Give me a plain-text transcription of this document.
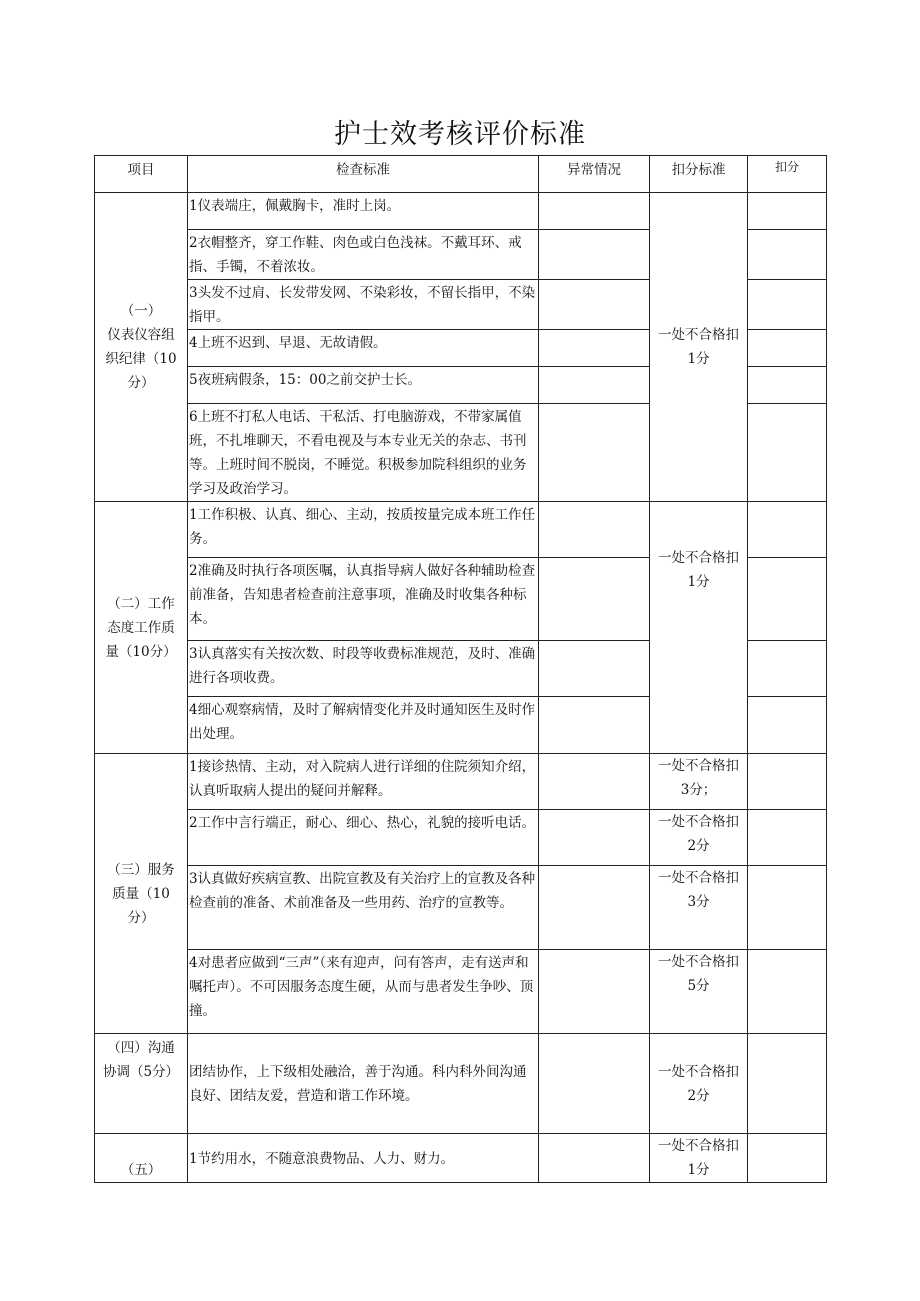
护士效考核评价标准
项目	检查标准	异常情况	扣分标准	扣分
（一）
仪表仪容组
织纪律（10
分）	1仪表端庄，佩戴胸卡，准时上岗。		一处不合格扣
1分	
	2衣帽整齐，穿工作鞋、肉色或白色浅袜。不戴耳环、戒指、手镯，不着浓妆。			
	3头发不过肩、长发带发网、不染彩妆，不留长指甲，不染指甲。			
	4上班不迟到、早退、无故请假。			
	5夜班病假条，15：00之前交护士长。			
	6上班不打私人电话、干私活、打电脑游戏，不带家属值班，不扎堆聊天，不看电视及与本专业无关的杂志、书刊等。上班时间不脱岗，不睡觉。积极参加院科组织的业务学习及政治学习。			
（二）工作
态度工作质
量（10分）	1工作积极、认真、细心、主动，按质按量完成本班工作任务。		一处不合格扣
1分	
	2准确及时执行各项医嘱，认真指导病人做好各种辅助检查前准备，告知患者检查前注意事项，准确及时收集各种标本。			
	3认真落实有关按次数、时段等收费标准规范，及时、准确进行各项收费。			
	4细心观察病情，及时了解病情变化并及时通知医生及时作出处理。			
（三）服务
质量（10
分）	1接诊热情、主动，对入院病人进行详细的住院须知介绍，认真听取病人提出的疑问并解释。		一处不合格扣
3分；	
	2工作中言行端正，耐心、细心、热心，礼貌的接听电话。		一处不合格扣
2分	
	3认真做好疾病宣教、出院宣教及有关治疗上的宣教及各种检查前的准备、术前准备及一些用药、治疗的宣教等。		一处不合格扣
3分	
	4对患者应做到“三声”（来有迎声，问有答声，走有送声和嘱托声）。不可因服务态度生硬，从而与患者发生争吵、顶撞。		一处不合格扣
5分	
（四）沟通
协调（5分）	团结协作，上下级相处融洽，善于沟通。科内科外间沟通良好、团结友爱，营造和谐工作环境。		一处不合格扣
2分	
（五）	1节约用水，不随意浪费物品、人力、财力。		一处不合格扣
1分	
